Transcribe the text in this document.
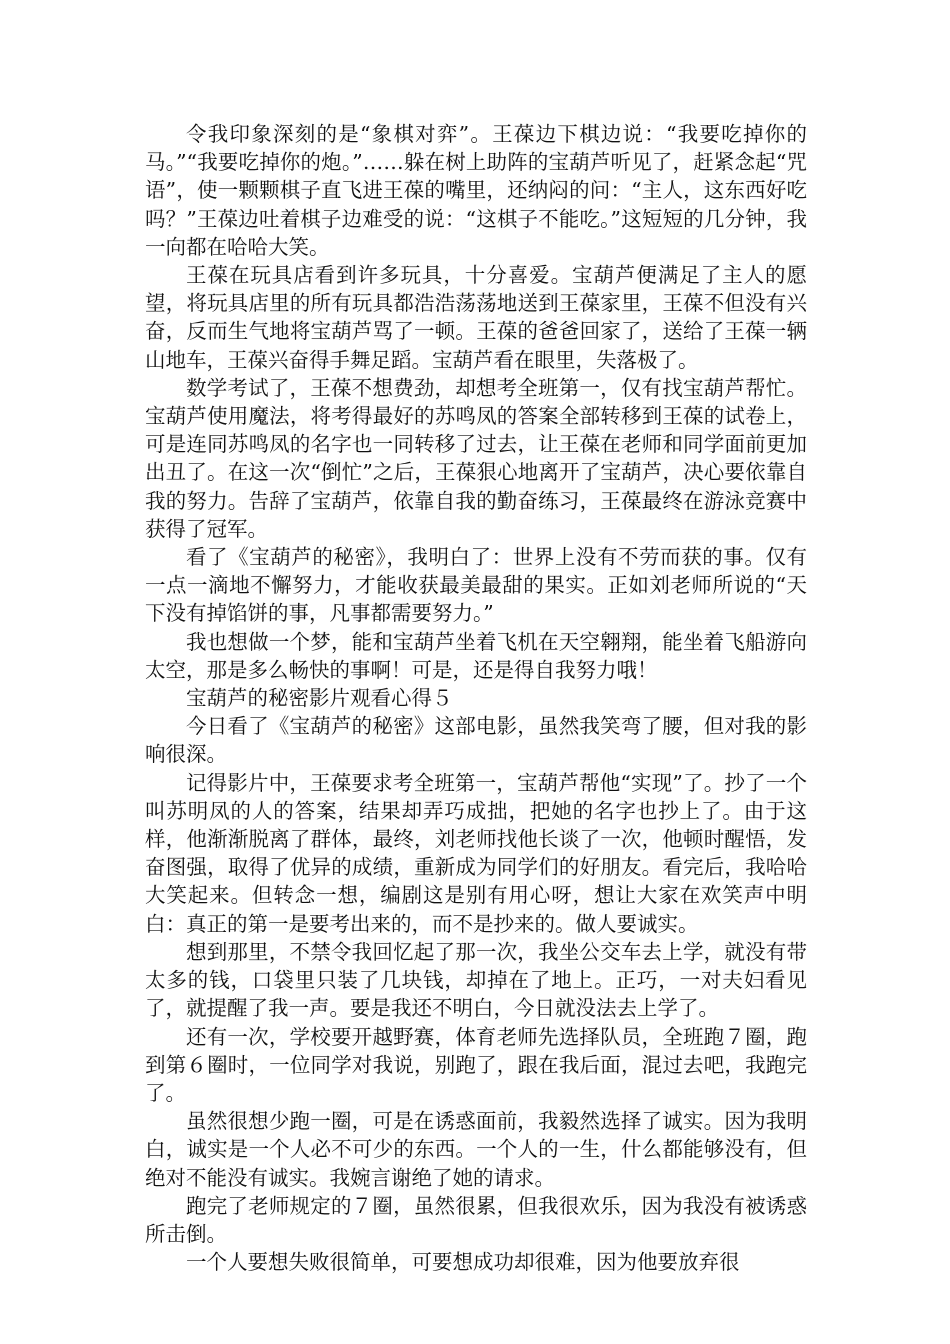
令我印象深刻的是“象棋对弈”。王葆边下棋边说：“我要吃掉你的马。”“我要吃掉你的炮。”……躲在树上助阵的宝葫芦听见了，赶紧念起“咒语”，使一颗颗棋子直飞进王葆的嘴里，还纳闷的问：“主人，这东西好吃吗？”王葆边吐着棋子边难受的说：“这棋子不能吃。”这短短的几分钟，我一向都在哈哈大笑。

王葆在玩具店看到许多玩具，十分喜爱。宝葫芦便满足了主人的愿望，将玩具店里的所有玩具都浩浩荡荡地送到王葆家里，王葆不但没有兴奋，反而生气地将宝葫芦骂了一顿。王葆的爸爸回家了，送给了王葆一辆山地车，王葆兴奋得手舞足蹈。宝葫芦看在眼里，失落极了。

数学考试了，王葆不想费劲，却想考全班第一，仅有找宝葫芦帮忙。宝葫芦使用魔法，将考得最好的苏鸣凤的答案全部转移到王葆的试卷上，可是连同苏鸣凤的名字也一同转移了过去，让王葆在老师和同学面前更加出丑了。在这一次“倒忙”之后，王葆狠心地离开了宝葫芦，决心要依靠自我的努力。告辞了宝葫芦，依靠自我的勤奋练习，王葆最终在游泳竞赛中获得了冠军。

看了《宝葫芦的秘密》，我明白了：世界上没有不劳而获的事。仅有一点一滴地不懈努力，才能收获最美最甜的果实。正如刘老师所说的“天下没有掉馅饼的事，凡事都需要努力。”

我也想做一个梦，能和宝葫芦坐着飞机在天空翱翔，能坐着飞船游向太空，那是多么畅快的事啊！可是，还是得自我努力哦！

宝葫芦的秘密影片观看心得５

今日看了《宝葫芦的秘密》这部电影，虽然我笑弯了腰，但对我的影响很深。

记得影片中，王葆要求考全班第一，宝葫芦帮他“实现”了。抄了一个叫苏明凤的人的答案，结果却弄巧成拙，把她的名字也抄上了。由于这样，他渐渐脱离了群体，最终，刘老师找他长谈了一次，他顿时醒悟，发奋图强，取得了优异的成绩，重新成为同学们的好朋友。看完后，我哈哈大笑起来。但转念一想，编剧这是别有用心呀，想让大家在欢笑声中明白：真正的第一是要考出来的，而不是抄来的。做人要诚实。

想到那里，不禁令我回忆起了那一次，我坐公交车去上学，就没有带太多的钱，口袋里只装了几块钱，却掉在了地上。正巧，一对夫妇看见了，就提醒了我一声。要是我还不明白，今日就没法去上学了。

还有一次，学校要开越野赛，体育老师先选择队员，全班跑７圈，跑到第６圈时，一位同学对我说，别跑了，跟在我后面，混过去吧，我跑完了。

虽然很想少跑一圈，可是在诱惑面前，我毅然选择了诚实。因为我明白，诚实是一个人必不可少的东西。一个人的一生，什么都能够没有，但绝对不能没有诚实。我婉言谢绝了她的请求。

跑完了老师规定的７圈，虽然很累，但我很欢乐，因为我没有被诱惑所击倒。

一个人要想失败很简单，可要想成功却很难，因为他要放弃很
